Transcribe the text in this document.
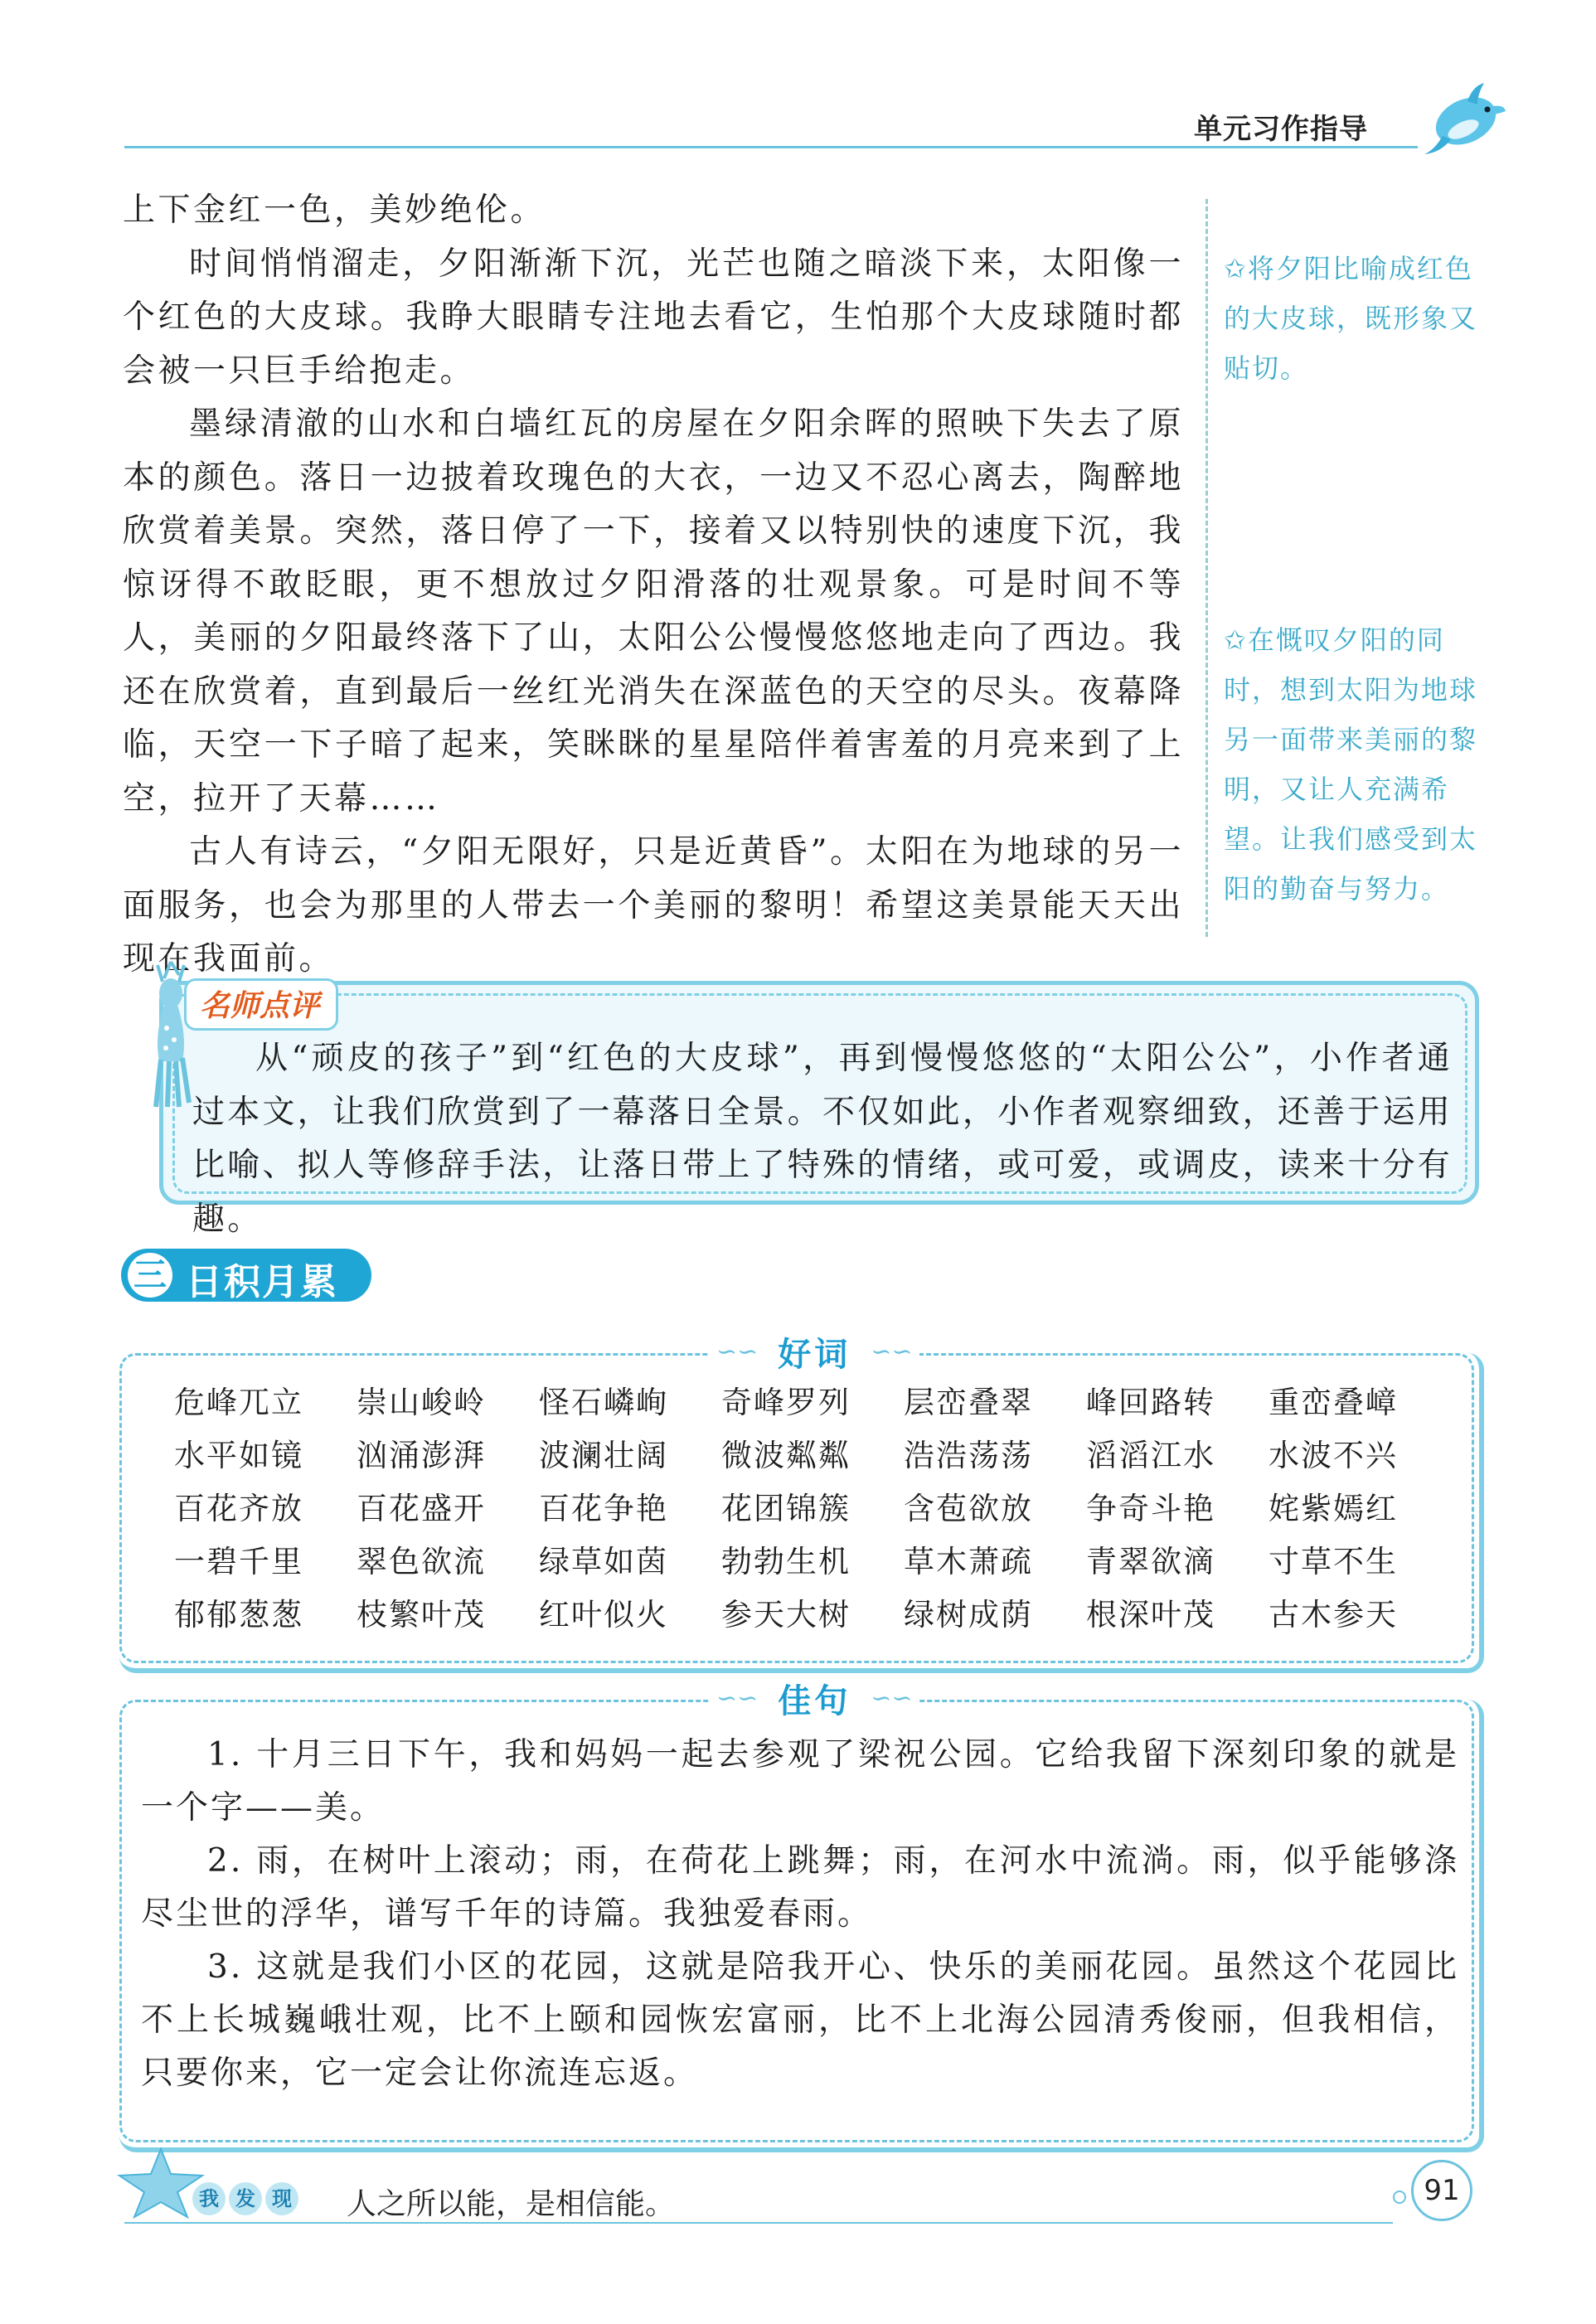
单元习作指导

上下金红一色，美妙绝伦。

时间悄悄溜走，夕阳渐渐下沉，光芒也随之暗淡下来，太阳像一个红色的大皮球。我睁大眼睛专注地去看它，生怕那个大皮球随时都会被一只巨手给抱走。

墨绿清澈的山水和白墙红瓦的房屋在夕阳余晖的照映下失去了原本的颜色。落日一边披着玫瑰色的大衣，一边又不忍心离去，陶醉地欣赏着美景。突然，落日停了一下，接着又以特别快的速度下沉，我惊讶得不敢眨眼，更不想放过夕阳滑落的壮观景象。可是时间不等人，美丽的夕阳最终落下了山，太阳公公慢慢悠悠地走向了西边。我还在欣赏着，直到最后一丝红光消失在深蓝色的天空的尽头。夜幕降临，天空一下子暗了起来，笑眯眯的星星陪伴着害羞的月亮来到了上空，拉开了天幕……

古人有诗云，“夕阳无限好，只是近黄昏”。太阳在为地球的另一面服务，也会为那里的人带去一个美丽的黎明！希望这美景能天天出现在我面前。

✩将夕阳比喻成红色的大皮球，既形象又贴切。
✩在慨叹夕阳的同时，想到太阳为地球另一面带来美丽的黎明，又让人充满希望。让我们感受到太阳的勤奋与努力。
名师点评

从“顽皮的孩子”到“红色的大皮球”，再到慢慢悠悠的“太阳公公”，小作者通过本文，让我们欣赏到了一幕落日全景。不仅如此，小作者观察细致，还善于运用比喻、拟人等修辞手法，让落日带上了特殊的情绪，或可爱，或调皮，读来十分有趣。

三 日积月累
∽∽ 好词 ∽∽
危峰兀立	崇山峻岭	怪石嶙峋	奇峰罗列	层峦叠翠	峰回路转	重峦叠嶂
水平如镜	汹涌澎湃	波澜壮阔	微波粼粼	浩浩荡荡	滔滔江水	水波不兴
百花齐放	百花盛开	百花争艳	花团锦簇	含苞欲放	争奇斗艳	姹紫嫣红
一碧千里	翠色欲流	绿草如茵	勃勃生机	草木萧疏	青翠欲滴	寸草不生
郁郁葱葱	枝繁叶茂	红叶似火	参天大树	绿树成荫	根深叶茂	古木参天
∽∽ 佳句 ∽∽

1. 十月三日下午，我和妈妈一起去参观了梁祝公园。它给我留下深刻印象的就是一个字——美。

2. 雨，在树叶上滚动；雨，在荷花上跳舞；雨，在河水中流淌。雨，似乎能够涤尽尘世的浮华，谱写千年的诗篇。我独爱春雨。

3. 这就是我们小区的花园，这就是陪我开心、快乐的美丽花园。虽然这个花园比不上长城巍峨壮观，比不上颐和园恢宏富丽，比不上北海公园清秀俊丽，但我相信，只要你来，它一定会让你流连忘返。

我 发 现 人之所以能，是相信能。	91
